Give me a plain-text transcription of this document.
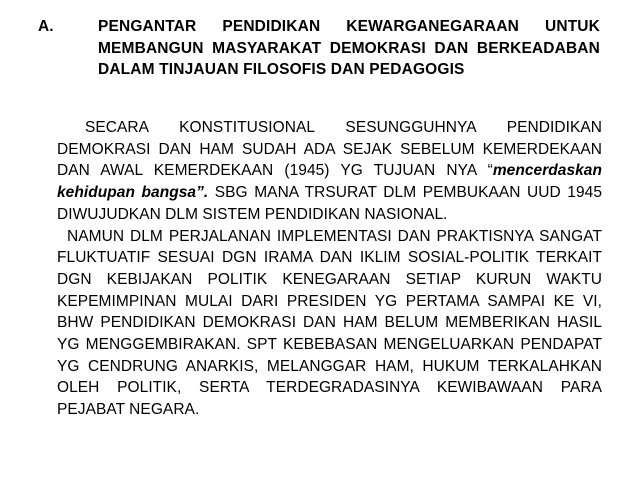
A.	PENGANTAR PENDIDIKAN KEWARGANEGARAAN UNTUK MEMBANGUN MASYARAKAT DEMOKRASI DAN BERKEADABAN DALAM TINJAUAN FILOSOFIS DAN PEDAGOGIS

SECARA KONSTITUSIONAL SESUNGGUHNYA PENDIDIKAN DEMOKRASI DAN HAM SUDAH ADA SEJAK SEBELUM KEMERDEKAAN DAN AWAL KEMERDEKAAN (1945) YG TUJUAN NYA “mencerdaskan kehidupan bangsa”. SBG MANA TRSURAT DLM PEMBUKAAN UUD 1945 DIWUJUDKAN DLM SISTEM PENDIDIKAN NASIONAL.

NAMUN DLM PERJALANAN IMPLEMENTASI DAN PRAKTISNYA SANGAT FLUKTUATIF SESUAI DGN IRAMA DAN IKLIM SOSIAL-POLITIK TERKAIT DGN KEBIJAKAN POLITIK KENEGARAAN SETIAP KURUN WAKTU KEPEMIMPINAN MULAI DARI PRESIDEN YG PERTAMA SAMPAI KE VI, BHW PENDIDIKAN DEMOKRASI DAN HAM BELUM MEMBERIKAN HASIL YG MENGGEMBIRAKAN. SPT KEBEBASAN MENGELUARKAN PENDAPAT YG CENDRUNG ANARKIS, MELANGGAR HAM, HUKUM TERKALAHKAN OLEH POLITIK, SERTA TERDEGRADASINYA KEWIBAWAAN PARA PEJABAT NEGARA.
